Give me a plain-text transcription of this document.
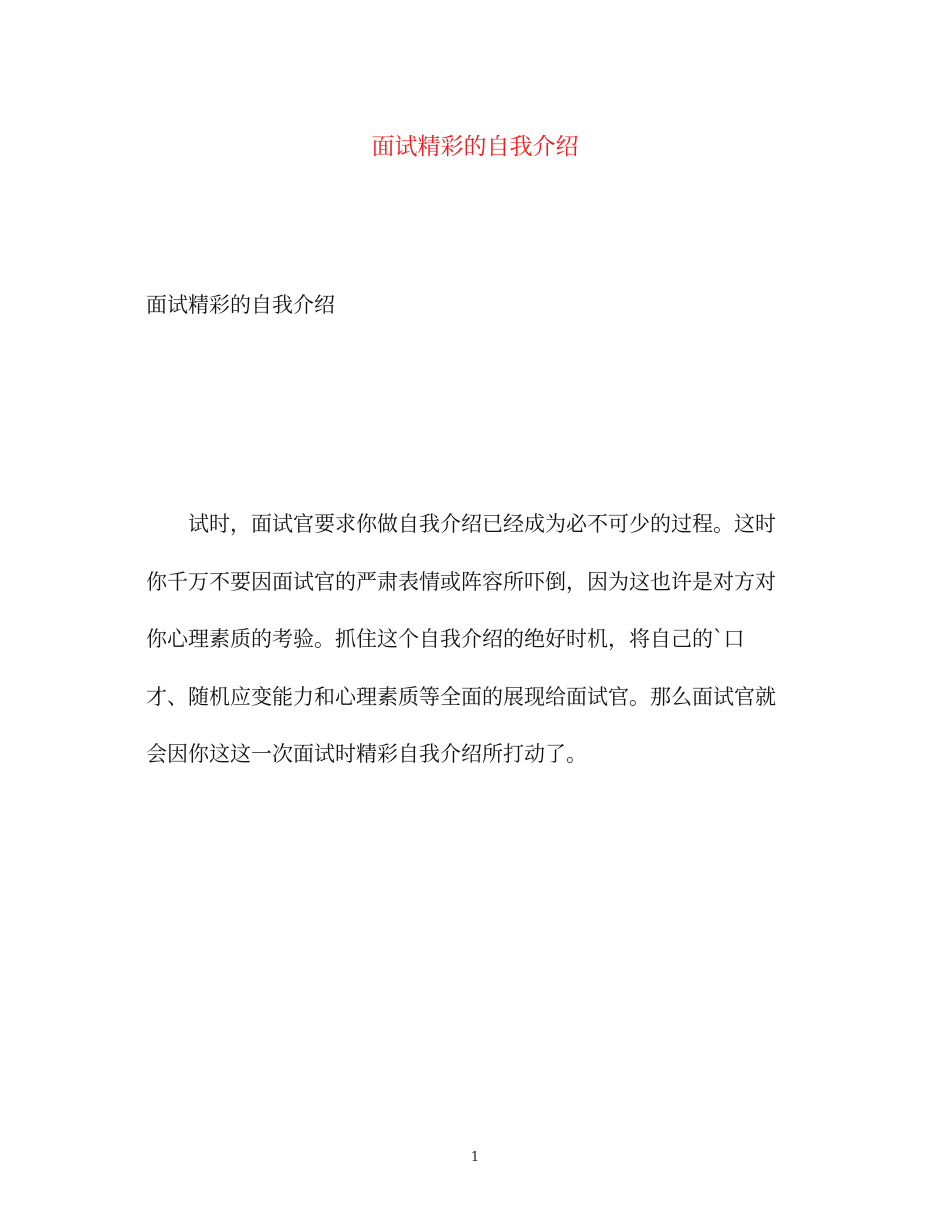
面试精彩的自我介绍
面试精彩的自我介绍
试时，面试官要求你做自我介绍已经成为必不可少的过程。这时
你千万不要因面试官的严肃表情或阵容所吓倒，因为这也许是对方对
你心理素质的考验。抓住这个自我介绍的绝好时机，将自己的`口
才、随机应变能力和心理素质等全面的展现给面试官。那么面试官就
会因你这这一次面试时精彩自我介绍所打动了。
1
